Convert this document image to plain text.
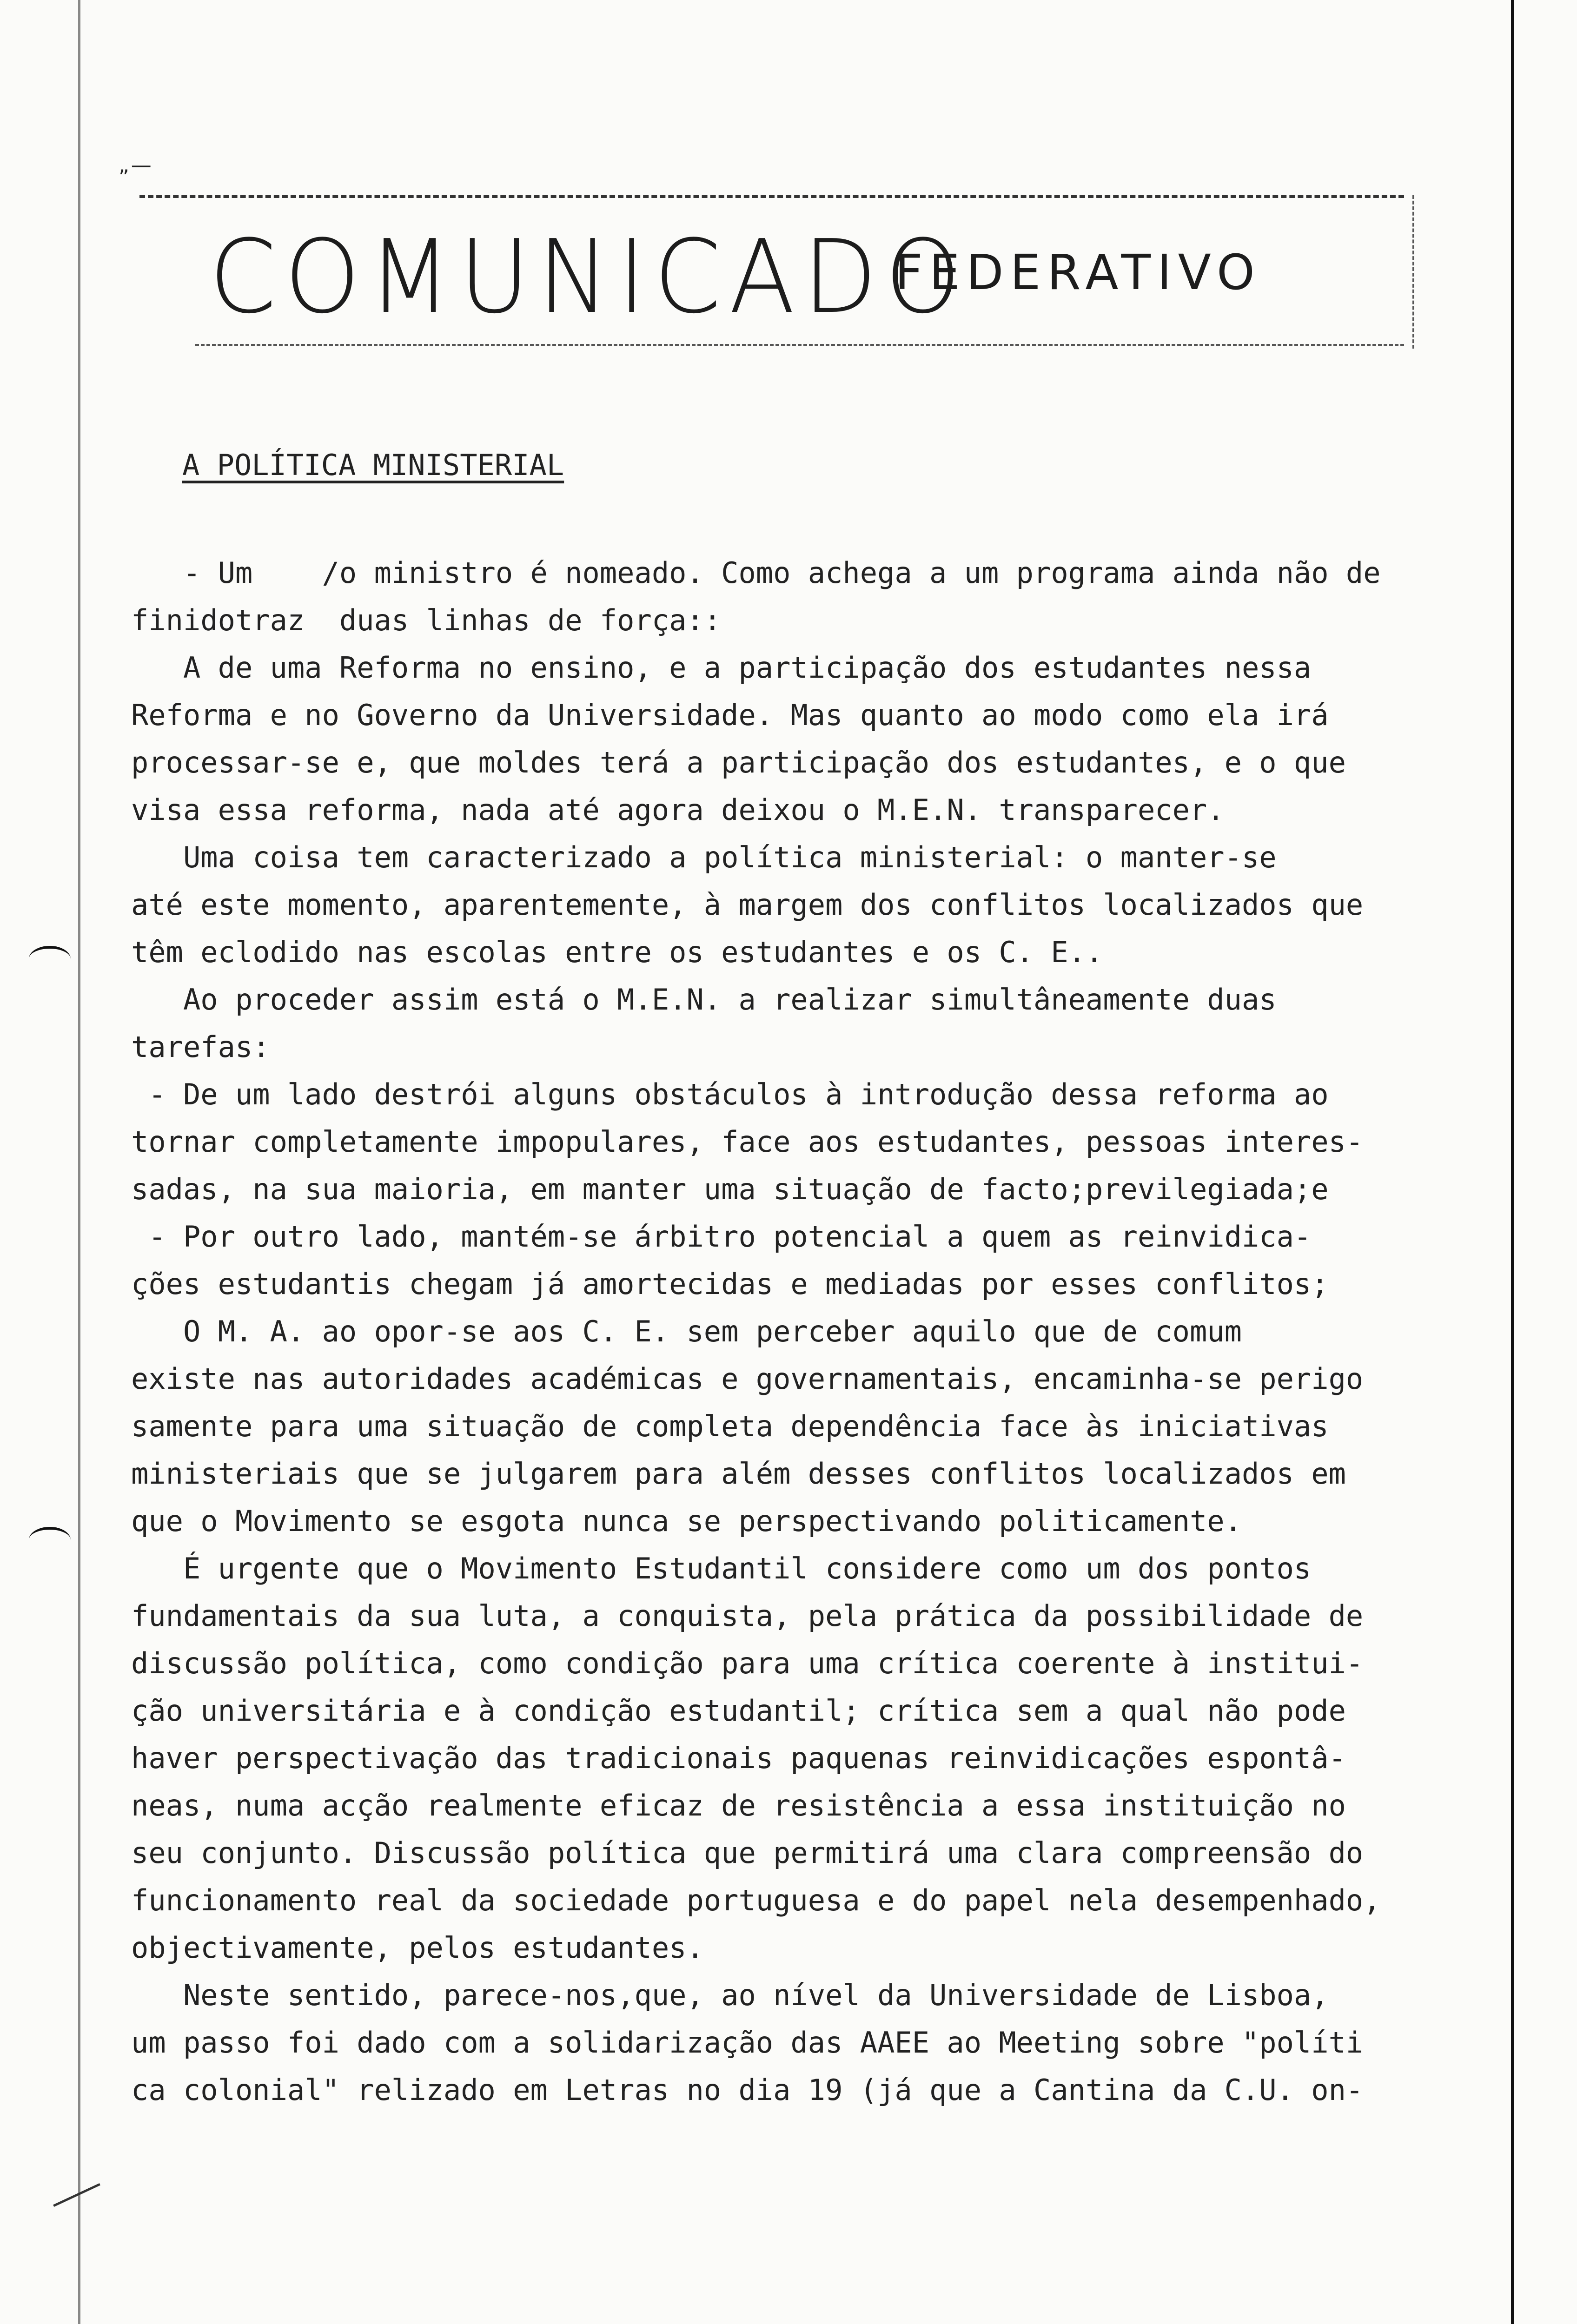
„—
COMUNICADO
FEDERATIVO
A POLÍTICA MINISTERIAL
- Um    /o ministro é nomeado. Como achega a um programa ainda não de
finidotraz  duas linhas de força::
A de uma Reforma no ensino, e a participação dos estudantes nessa
Reforma e no Governo da Universidade. Mas quanto ao modo como ela irá
processar-se e, que moldes terá a participação dos estudantes, e o que
visa essa reforma, nada até agora deixou o M.E.N. transparecer.
Uma coisa tem caracterizado a política ministerial: o manter-se
até este momento, aparentemente, à margem dos conflitos localizados que
têm eclodido nas escolas entre os estudantes e os C. E..
Ao proceder assim está o M.E.N. a realizar simultâneamente duas
tarefas:
- De um lado destrói alguns obstáculos à introdução dessa reforma ao
tornar completamente impopulares, face aos estudantes, pessoas interes-
sadas, na sua maioria, em manter uma situação de facto;previlegiada;e
- Por outro lado, mantém-se árbitro potencial a quem as reinvidica-
ções estudantis chegam já amortecidas e mediadas por esses conflitos;
O M. A. ao opor-se aos C. E. sem perceber aquilo que de comum
existe nas autoridades académicas e governamentais, encaminha-se perigo
samente para uma situação de completa dependência face às iniciativas
ministeriais que se julgarem para além desses conflitos localizados em
que o Movimento se esgota nunca se perspectivando politicamente.
É urgente que o Movimento Estudantil considere como um dos pontos
fundamentais da sua luta, a conquista, pela prática da possibilidade de
discussão política, como condição para uma crítica coerente à institui-
ção universitária e à condição estudantil; crítica sem a qual não pode
haver perspectivação das tradicionais paquenas reinvidicações espontâ-
neas, numa acção realmente eficaz de resistência a essa instituição no
seu conjunto. Discussão política que permitirá uma clara compreensão do
funcionamento real da sociedade portuguesa e do papel nela desempenhado,
objectivamente, pelos estudantes.
Neste sentido, parece-nos,que, ao nível da Universidade de Lisboa,
um passo foi dado com a solidarização das AAEE ao Meeting sobre "políti
ca colonial" relizado em Letras no dia 19 (já que a Cantina da C.U. on-
